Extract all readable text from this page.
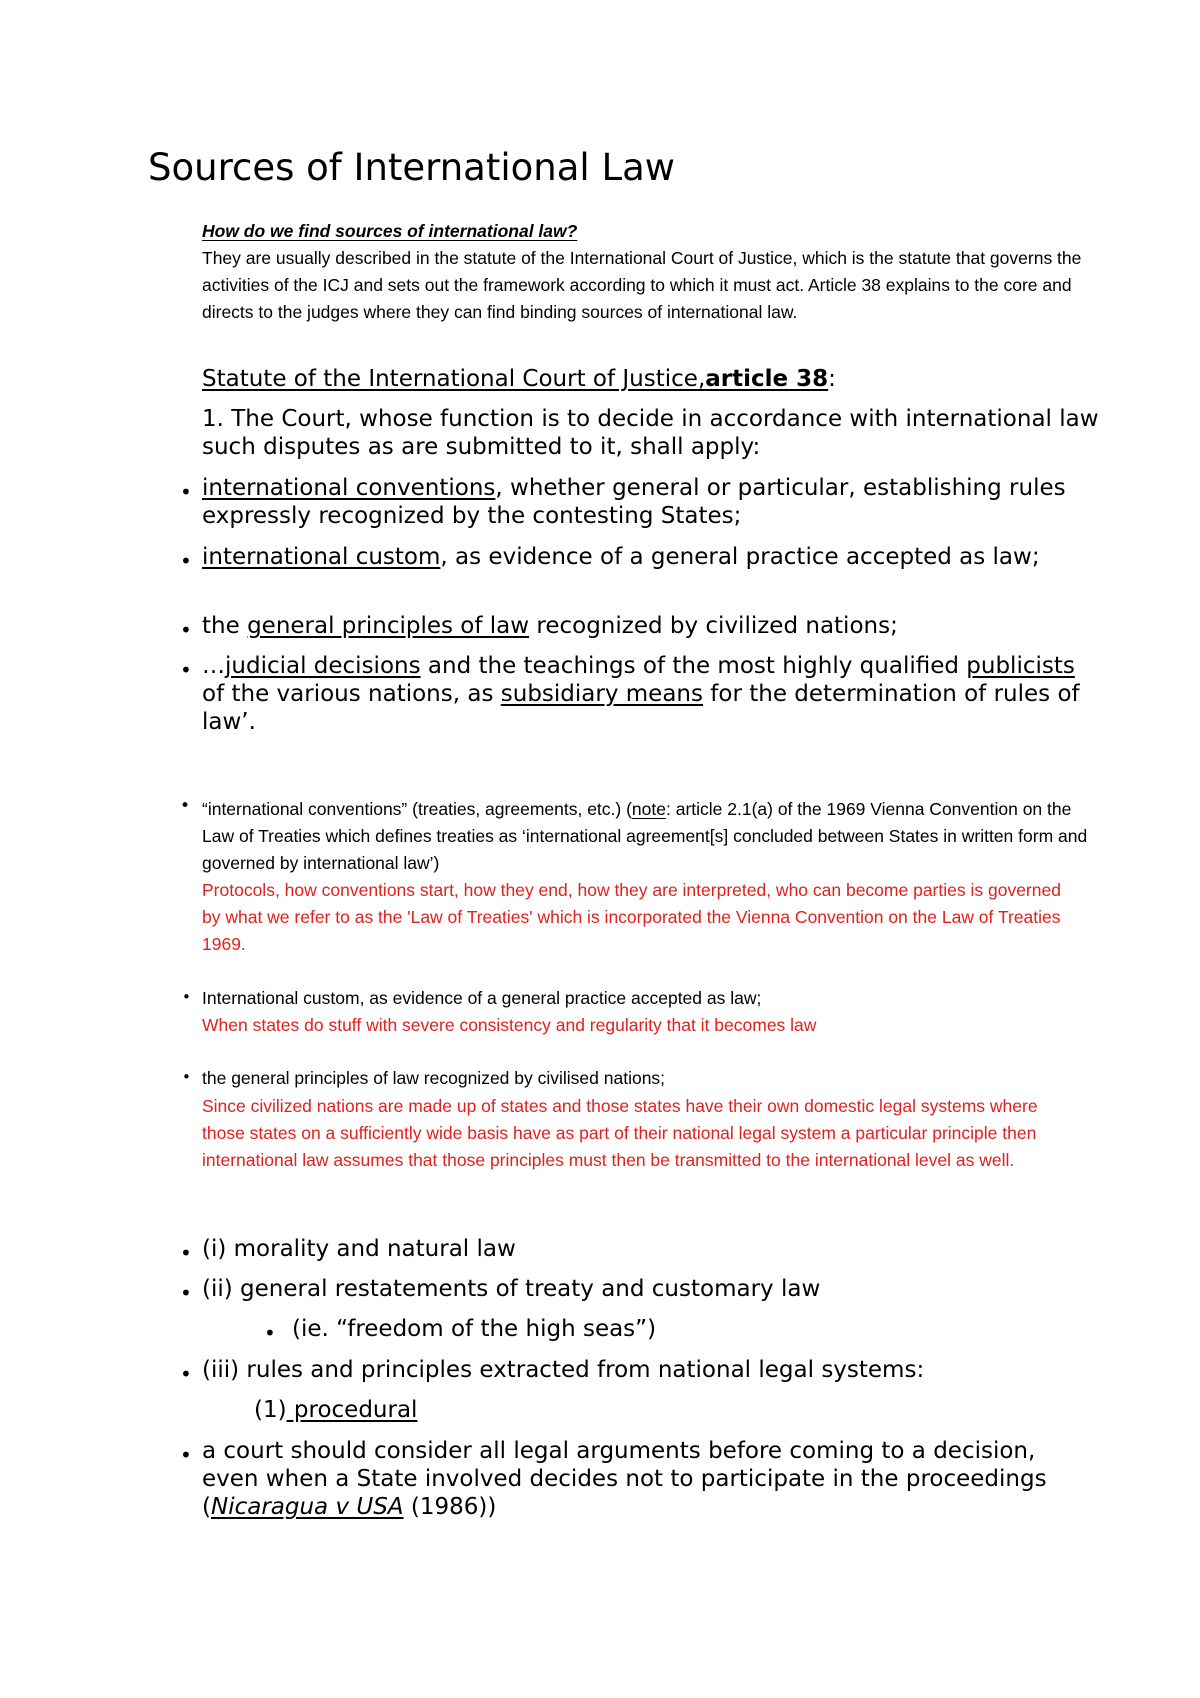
Sources of International Law
How do we find sources of international law?
They are usually described in the statute of the International Court of Justice, which is the statute that governs the activities of the ICJ and sets out the framework according to which it must act. Article 38 explains to the core and directs to the judges where they can find binding sources of international law.
Statute of the International Court of Justice,article 38:
1. The Court, whose function is to decide in accordance with international law such disputes as are submitted to it, shall apply:
• international conventions, whether general or particular, establishing rules expressly recognized by the contesting States;
• international custom, as evidence of a general practice accepted as law;
• the general principles of law recognized by civilized nations;
• …judicial decisions and the teachings of the most highly qualified publicists of the various nations, as subsidiary means for the determination of rules of law’.
• “international conventions” (treaties, agreements, etc.) (note: article 2.1(a) of the 1969 Vienna Convention on the Law of Treaties which defines treaties as ‘international agreement[s] concluded between States in written form and governed by international law’)
Protocols, how conventions start, how they end, how they are interpreted, who can become parties is governed by what we refer to as the 'Law of Treaties' which is incorporated the Vienna Convention on the Law of Treaties 1969.
• International custom, as evidence of a general practice accepted as law;
When states do stuff with severe consistency and regularity that it becomes law
• the general principles of law recognized by civilised nations;
Since civilized nations are made up of states and those states have their own domestic legal systems where those states on a sufficiently wide basis have as part of their national legal system a particular principle then international law assumes that those principles must then be transmitted to the international level as well.
• (i) morality and natural law
• (ii) general restatements of treaty and customary law
• (ie. “freedom of the high seas”)
• (iii) rules and principles extracted from national legal systems:
(1) procedural
• a court should consider all legal arguments before coming to a decision, even when a State involved decides not to participate in the proceedings (Nicaragua v USA (1986))
